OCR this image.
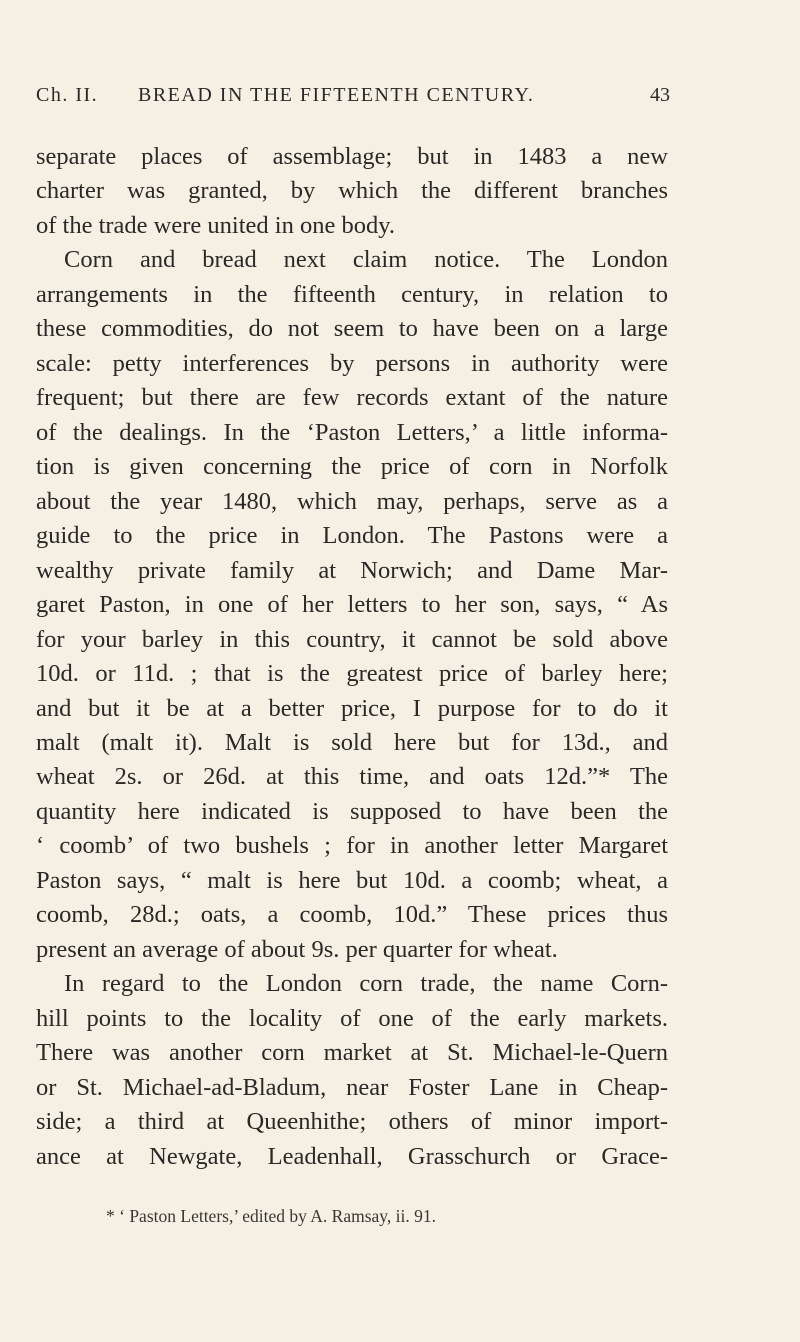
Ch. II. BREAD IN THE FIFTEENTH CENTURY.	43
separate places of assemblage; but in 1483 a new
charter was granted, by which the different branches
of the trade were united in one body.
Corn and bread next claim notice. The London
arrangements in the fifteenth century, in relation to
these commodities, do not seem to have been on a large
scale: petty interferences by persons in authority were
frequent; but there are few records extant of the nature
of the dealings. In the ‘Paston Letters,’ a little informa-
tion is given concerning the price of corn in Norfolk
about the year 1480, which may, perhaps, serve as a
guide to the price in London. The Pastons were a
wealthy private family at Norwich; and Dame Mar-
garet Paston, in one of her letters to her son, says, “ As
for your barley in this country, it cannot be sold above
10d. or 11d. ; that is the greatest price of barley here;
and but it be at a better price, I purpose for to do it
malt (malt it). Malt is sold here but for 13d., and
wheat 2s. or 26d. at this time, and oats 12d.”* The
quantity here indicated is supposed to have been the
‘ coomb’ of two bushels ; for in another letter Margaret
Paston says, “ malt is here but 10d. a coomb; wheat, a
coomb, 28d.; oats, a coomb, 10d.” These prices thus
present an average of about 9s. per quarter for wheat.
In regard to the London corn trade, the name Corn-
hill points to the locality of one of the early markets.
There was another corn market at St. Michael-le-Quern
or St. Michael-ad-Bladum, near Foster Lane in Cheap-
side; a third at Queenhithe; others of minor import-
ance at Newgate, Leadenhall, Grasschurch or Grace-
* ‘ Paston Letters,’ edited by A. Ramsay, ii. 91.
